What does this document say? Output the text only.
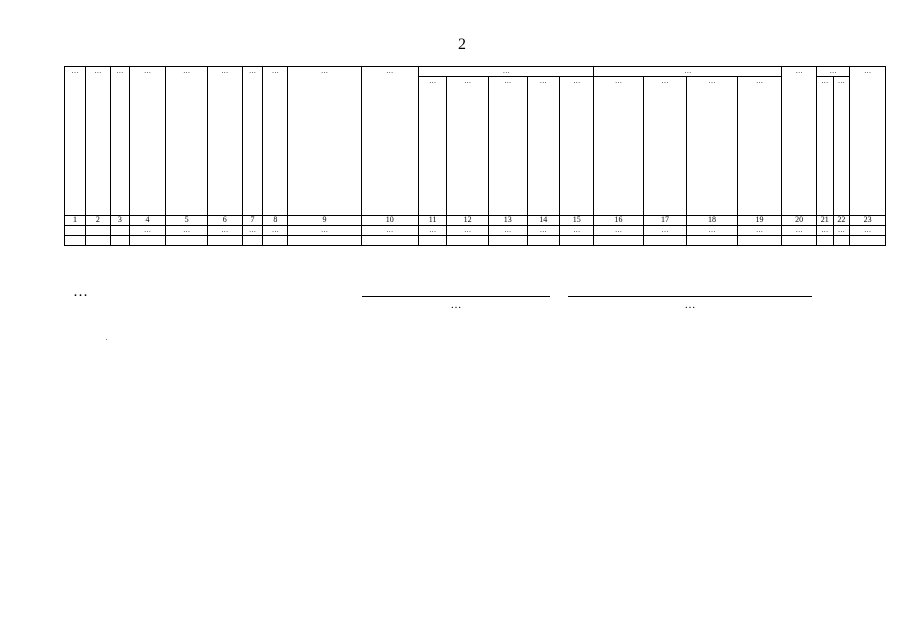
2
…	…	…	…	…	…	…	…	…	…	…					…				…	…		…
										…	…	…	…	…	…	…	…	…		…	…	
1	2	3	4	5	6	7	8	9	10	11	12	13	14	15	16	17	18	19	20	21	22	23
			…	…	…	…	…	…	…	…	…	…	…	…	…	…	…	…	…	…	…	…

…
…	…
